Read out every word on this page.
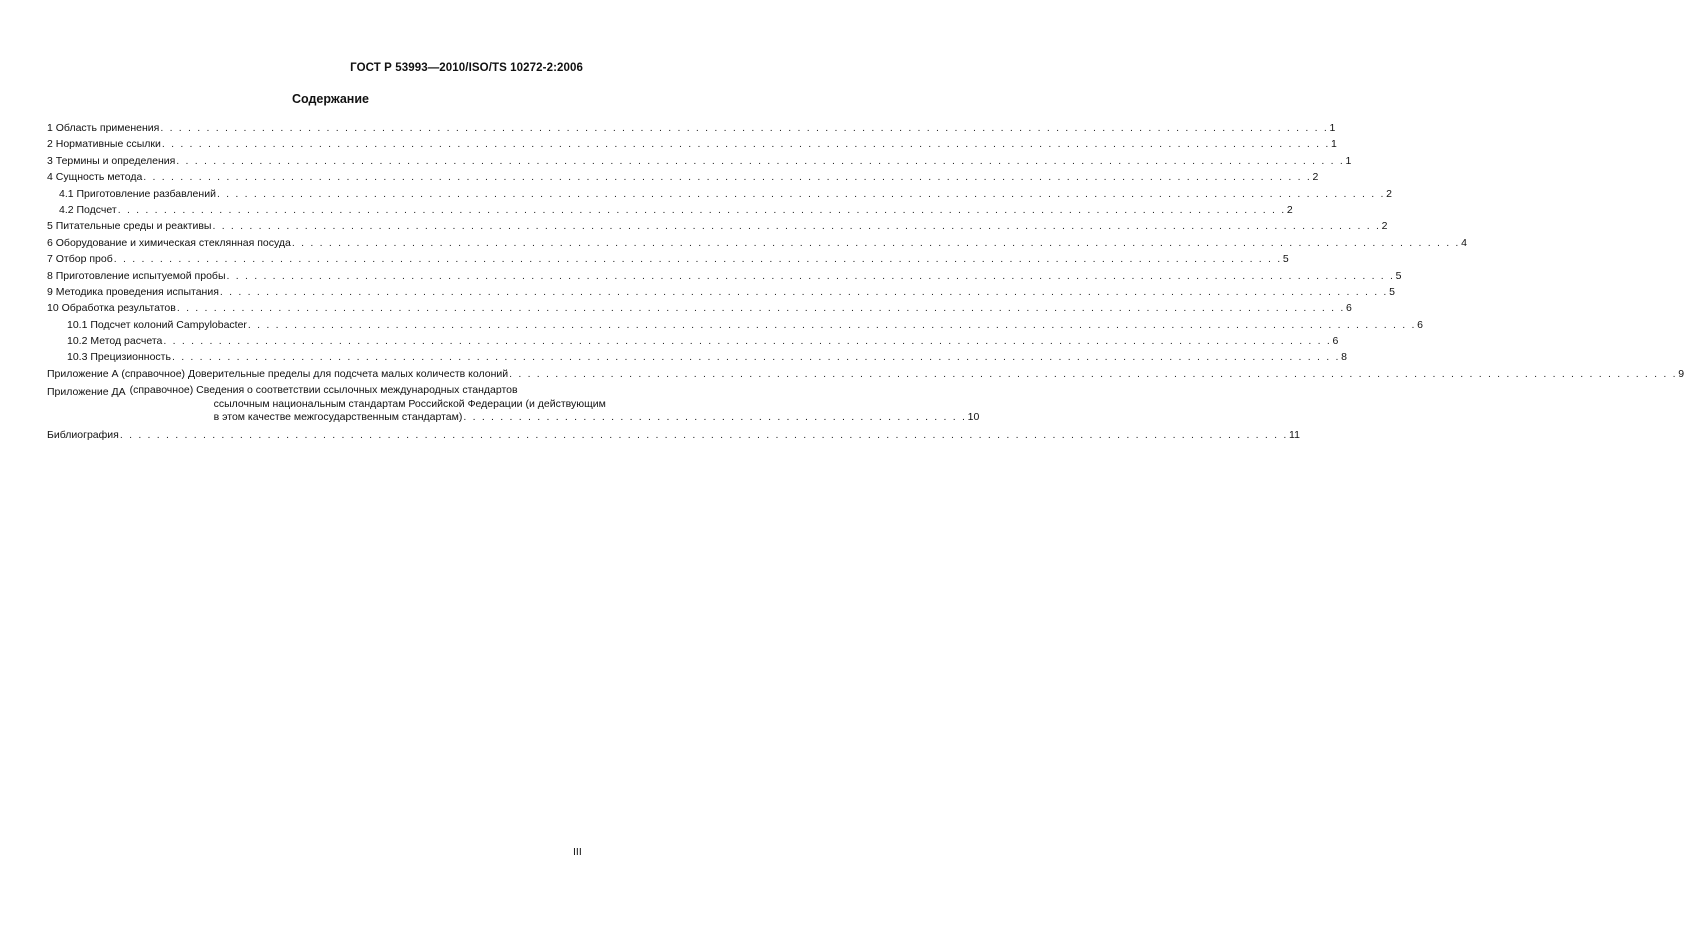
ГОСТ Р 53993—2010/ISO/TS 10272-2:2006
Содержание
1 Область применения . . .	1
2 Нормативные ссылки . . .	1
3 Термины и определения . . .	1
4 Сущность метода . . .	2
4.1 Приготовление разбавлений . . .	2
4.2 Подсчет . . .	2
5 Питательные среды и реактивы . . .	2
6 Оборудование и химическая стеклянная посуда . . .	4
7 Отбор проб . . .	5
8 Приготовление испытуемой пробы . . .	5
9 Методика проведения испытания . . .	5
10 Обработка результатов . . .	6
10.1 Подсчет колоний Campylobacter . . .	6
10.2 Метод расчета . . .	6
10.3 Прецизионность . . .	8
Приложение А (справочное) Доверительные пределы для подсчета малых количеств колоний . . .	9
Приложение ДА (справочное) Сведения о соответствии ссылочных международных стандартов
ссылочным национальным стандартам Российской Федерации (и действующим
в этом качестве межгосударственным стандартам) . . .	10
Библиография . . .	11
III
